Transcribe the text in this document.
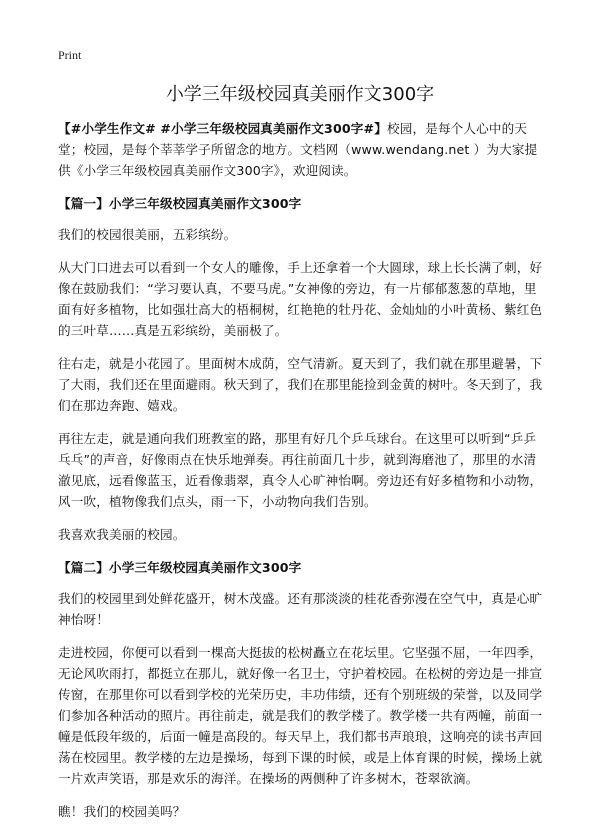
Print
小学三年级校园真美丽作文300字

【#小学生作文# #小学三年级校园真美丽作文300字#】校园，是每个人心中的天堂；校园，是每个莘莘学子所留念的地方。文档网（www.wendang.net ）为大家提供《小学三年级校园真美丽作文300字》，欢迎阅读。

【篇一】小学三年级校园真美丽作文300字

我们的校园很美丽，五彩缤纷。

从大门口进去可以看到一个女人的雕像，手上还拿着一个大圆球，球上长长满了刺，好像在鼓励我们：“学习要认真，不要马虎。”女神像的旁边，有一片郁郁葱葱的草地，里面有好多植物，比如强壮高大的梧桐树，红艳艳的牡丹花、金灿灿的小叶黄杨、紫红色的三叶草……真是五彩缤纷，美丽极了。

往右走，就是小花园了。里面树木成荫，空气清新。夏天到了，我们就在那里避暑，下了大雨，我们还在里面避雨。秋天到了，我们在那里能捡到金黄的树叶。冬天到了，我们在那边奔跑、嬉戏。

再往左走，就是通向我们班教室的路，那里有好几个乒乓球台。在这里可以听到“乒乒乓乓”的声音，好像雨点在快乐地弹奏。再往前面几十步，就到海磨池了，那里的水清澈见底，远看像蓝玉，近看像翡翠，真令人心旷神怡啊。旁边还有好多植物和小动物，风一吹，植物像我们点头，雨一下，小动物向我们告别。

我喜欢我美丽的校园。

【篇二】小学三年级校园真美丽作文300字

我们的校园里到处鲜花盛开，树木茂盛。还有那淡淡的桂花香弥漫在空气中，真是心旷神怡呀！

走进校园，你便可以看到一棵高大挺拔的松树矗立在花坛里。它坚强不屈，一年四季，无论风吹雨打，都挺立在那儿，就好像一名卫士，守护着校园。在松树的旁边是一排宣传窗，在那里你可以看到学校的光荣历史，丰功伟绩，还有个别班级的荣誉，以及同学们参加各种活动的照片。再往前走，就是我们的教学楼了。教学楼一共有两幢，前面一幢是低段年级的，后面一幢是高段的。每天早上，我们都书声琅琅，这响亮的读书声回荡在校园里。教学楼的左边是操场，每到下课的时候，或是上体育课的时候，操场上就一片欢声笑语，那是欢乐的海洋。在操场的两侧种了许多树木，苍翠欲滴。

瞧！我们的校园美吗？
